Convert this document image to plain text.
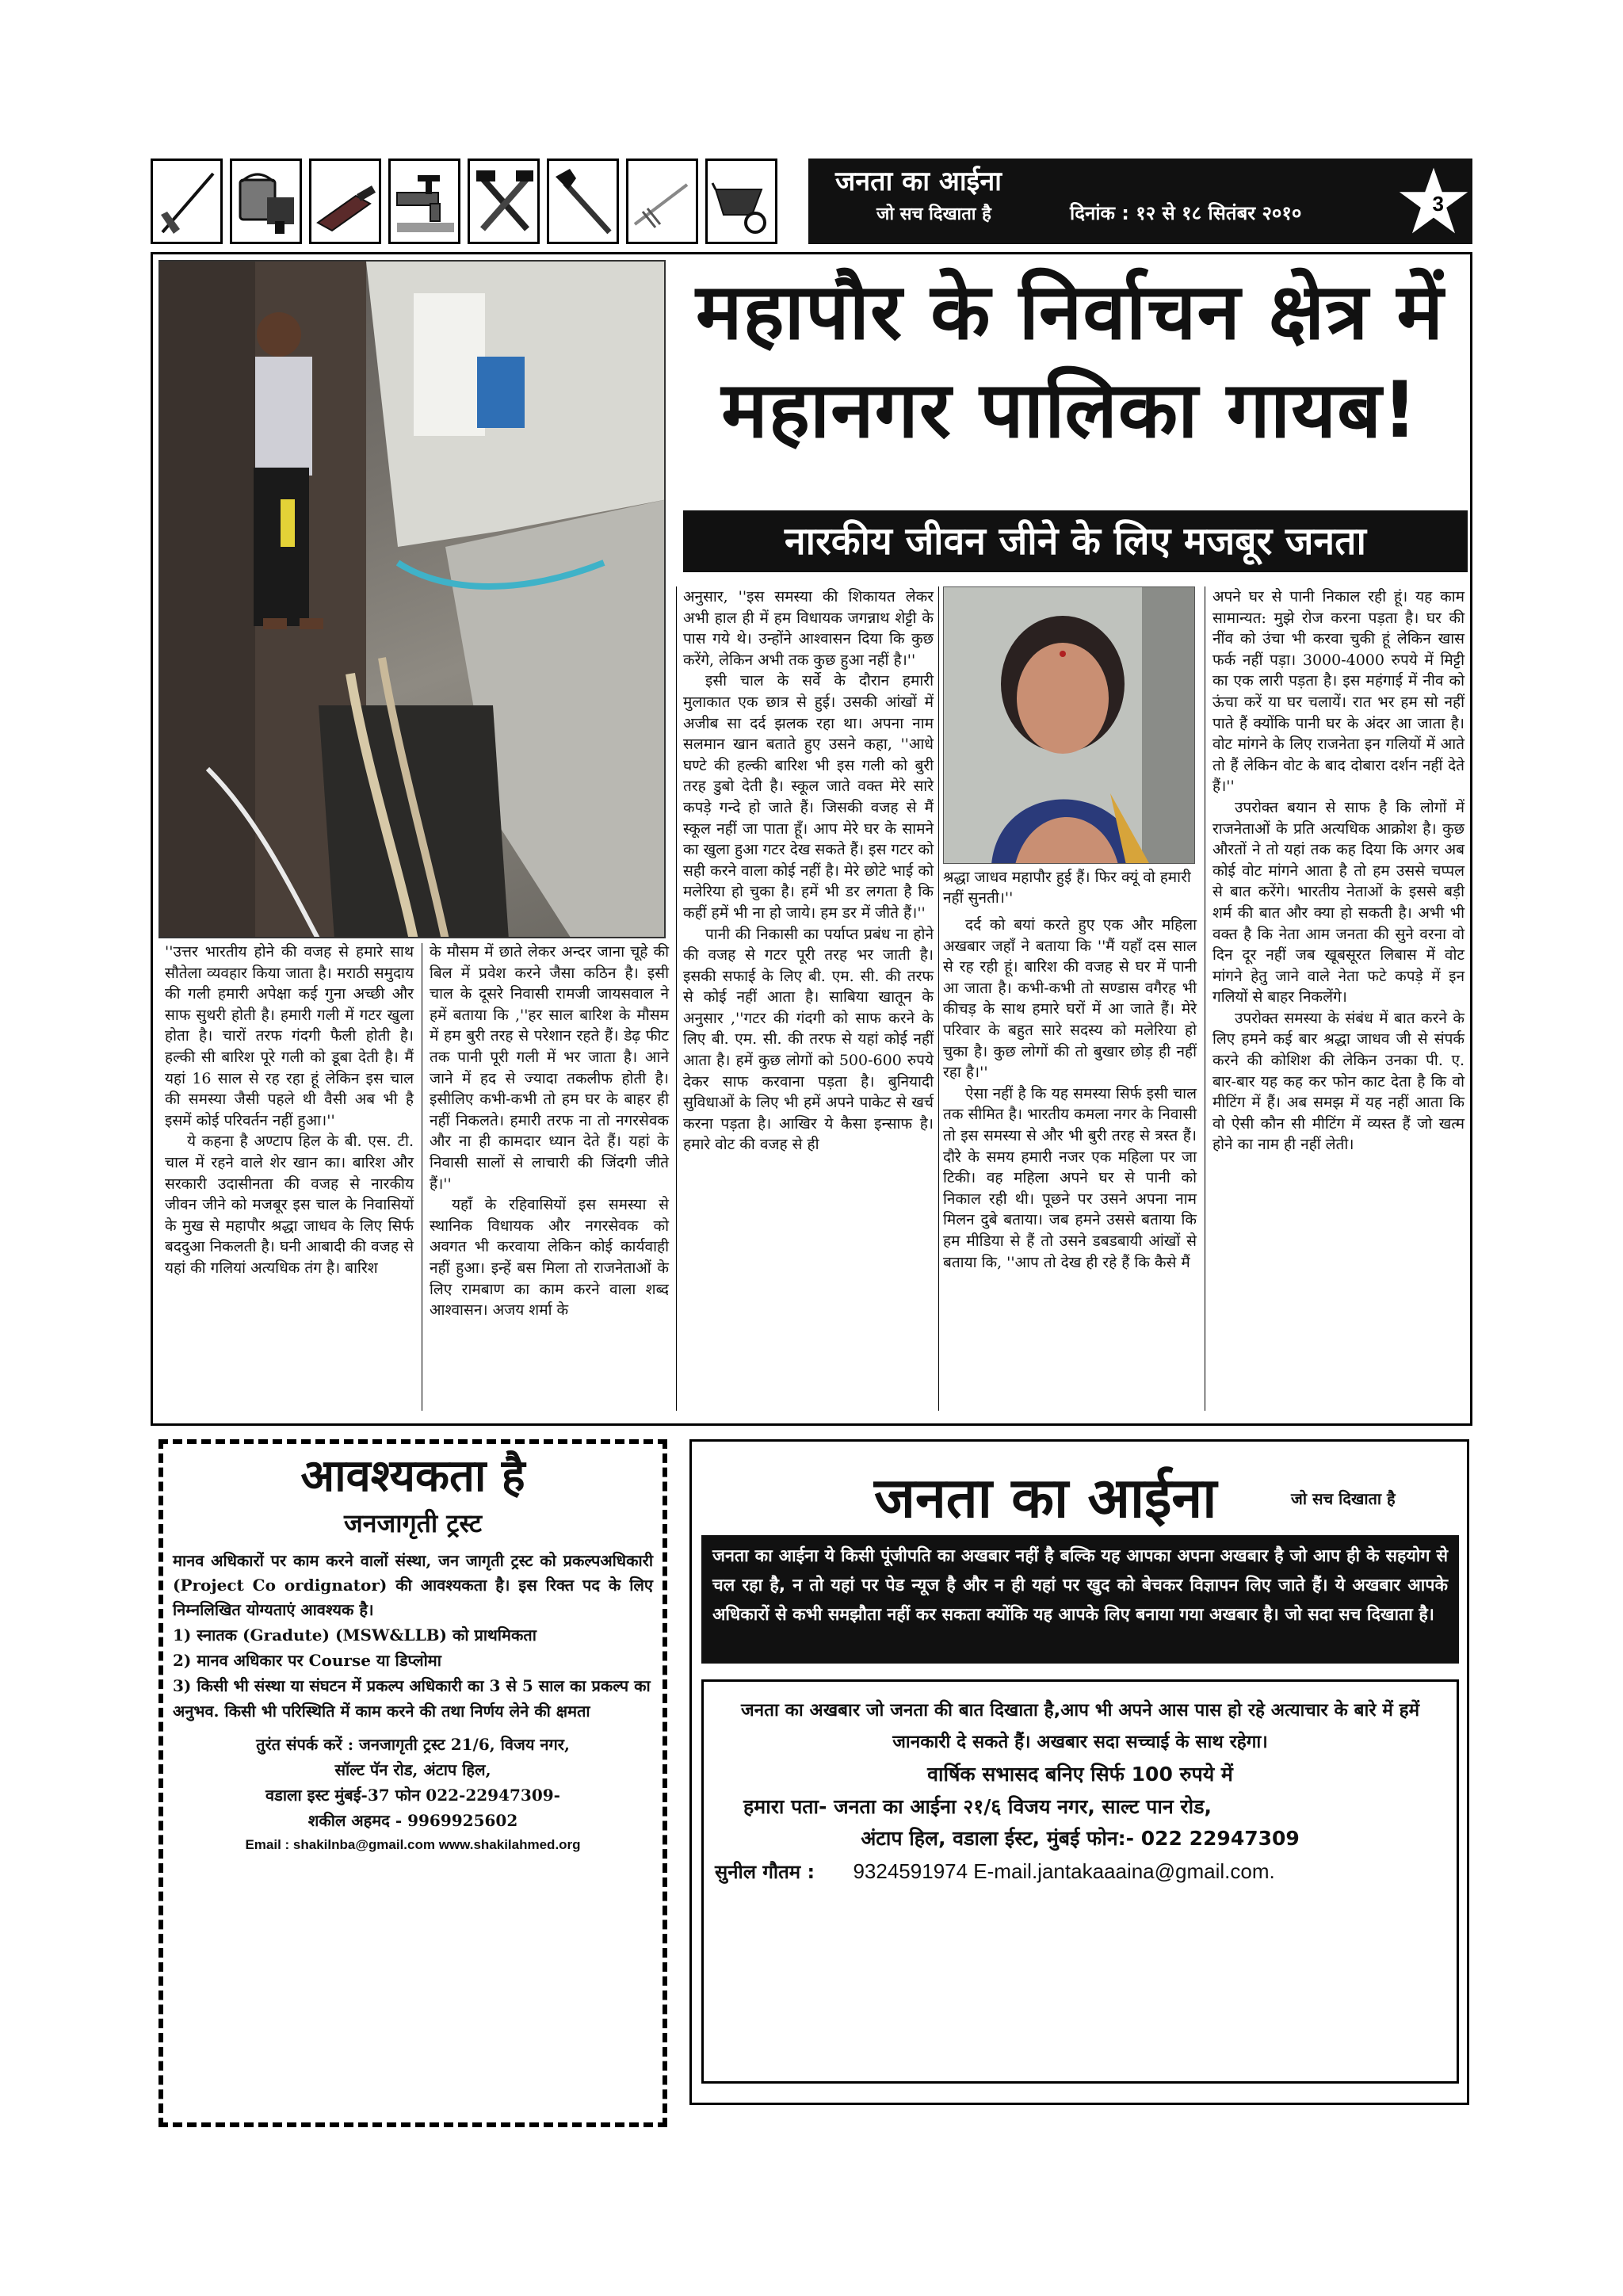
जनता का आईना
जो सच दिखाता है	दिनांक : १२ से १८ सितंबर २०१०	3
महापौर के निर्वाचन क्षेत्र में
महानगर पालिका गायब!
नारकीय जीवन जीने के लिए मजबूर जनता

''उत्तर भारतीय होने की वजह से हमारे साथ सौतेला व्यवहार किया जाता है। मराठी समुदाय की गली हमारी अपेक्षा कई गुना अच्छी और साफ सुथरी होती है। हमारी गली में गटर खुला होता है। चारों तरफ गंदगी फैली होती है। हल्की सी बारिश पूरे गली को डूबा देती है। मैं यहां 16 साल से रह रहा हूं लेकिन इस चाल की समस्या जैसी पहले थी वैसी अब भी है इसमें कोई परिवर्तन नहीं हुआ।''

ये कहना है अण्टाप हिल के बी. एस. टी. चाल में रहने वाले शेर खान का। बारिश और सरकारी उदासीनता की वजह से नारकीय जीवन जीने को मजबूर इस चाल के निवासियों के मुख से महापौर श्रद्धा जाधव के लिए सिर्फ बददुआ निकलती है। घनी आबादी की वजह से यहां की गलियां अत्यधिक तंग है। बारिश

के मौसम में छाते लेकर अन्दर जाना चूहे की बिल में प्रवेश करने जैसा कठिन है। इसी चाल के दूसरे निवासी रामजी जायसवाल ने हमें बताया कि ,''हर साल बारिश के मौसम में हम बुरी तरह से परेशान रहते हैं। डेढ़ फीट तक पानी पूरी गली में भर जाता है। आने जाने में हद से ज्यादा तकलीफ होती है। इसीलिए कभी-कभी तो हम घर के बाहर ही नहीं निकलते। हमारी तरफ ना तो नगरसेवक और ना ही कामदार ध्यान देते हैं। यहां के निवासी सालों से लाचारी की जिंदगी जीते हैं।''

यहाँ के रहिवासियों इस समस्या से स्थानिक विधायक और नगरसेवक को अवगत भी करवाया लेकिन कोई कार्यवाही नहीं हुआ। इन्हें बस मिला तो राजनेताओं के लिए रामबाण का काम करने वाला शब्द आश्वासन। अजय शर्मा के

अनुसार, ''इस समस्या की शिकायत लेकर अभी हाल ही में हम विधायक जगन्नाथ शेट्टी के पास गये थे। उन्होंने आश्वासन दिया कि कुछ करेंगे, लेकिन अभी तक कुछ हुआ नहीं है।''

इसी चाल के सर्वे के दौरान हमारी मुलाकात एक छात्र से हुई। उसकी आंखों में अजीब सा दर्द झलक रहा था। अपना नाम सलमान खान बताते हुए उसने कहा, ''आधे घण्टे की हल्की बारिश भी इस गली को बुरी तरह डुबो देती है। स्कूल जाते वक्त मेरे सारे कपड़े गन्दे हो जाते हैं। जिसकी वजह से मैं स्कूल नहीं जा पाता हूँ। आप मेरे घर के सामने का खुला हुआ गटर देख सकते हैं। इस गटर को सही करने वाला कोई नहीं है। मेरे छोटे भाई को मलेरिया हो चुका है। हमें भी डर लगता है कि कहीं हमें भी ना हो जाये। हम डर में जीते हैं।''

पानी की निकासी का पर्याप्त प्रबंध ना होने की वजह से गटर पूरी तरह भर जाती है। इसकी सफाई के लिए बी. एम. सी. की तरफ से कोई नहीं आता है। साबिया खातून के अनुसार ,''गटर की गंदगी को साफ करने के लिए बी. एम. सी. की तरफ से यहां कोई नहीं आता है। हमें कुछ लोगों को 500-600 रुपये देकर साफ करवाना पड़ता है। बुनियादी सुविधाओं के लिए भी हमें अपने पाकेट से खर्च करना पड़ता है। आखिर ये कैसा इन्साफ है। हमारे वोट की वजह से ही

श्रद्धा जाधव महापौर हुई हैं। फिर क्यूं वो हमारी नहीं सुनती।''

दर्द को बयां करते हुए एक और महिला अखबार जहाँ ने बताया कि ''मैं यहाँ दस साल से रह रही हूं। बारिश की वजह से घर में पानी आ जाता है। कभी-कभी तो सण्डास वगैरह भी कीचड़ के साथ हमारे घरों में आ जाते हैं। मेरे परिवार के बहुत सारे सदस्य को मलेरिया हो चुका है। कुछ लोगों की तो बुखार छोड़ ही नहीं रहा है।''

ऐसा नहीं है कि यह समस्या सिर्फ इसी चाल तक सीमित है। भारतीय कमला नगर के निवासी तो इस समस्या से और भी बुरी तरह से त्रस्त हैं। दौरे के समय हमारी नजर एक महिला पर जा टिकी। वह महिला अपने घर से पानी को निकाल रही थी। पूछने पर उसने अपना नाम मिलन दुबे बताया। जब हमने उससे बताया कि हम मीडिया से हैं तो उसने डबडबायी आंखों से बताया कि, ''आप तो देख ही रहे हैं कि कैसे मैं

अपने घर से पानी निकाल रही हूं। यह काम सामान्यत: मुझे रोज करना पड़ता है। घर की नींव को उंचा भी करवा चुकी हूं लेकिन खास फर्क नहीं पड़ा। 3000-4000 रुपये में मिट्टी का एक लारी पड़ता है। इस महंगाई में नीव को ऊंचा करें या घर चलायें। रात भर हम सो नहीं पाते हैं क्योंकि पानी घर के अंदर आ जाता है। वोट मांगने के लिए राजनेता इन गलियों में आते तो हैं लेकिन वोट के बाद दोबारा दर्शन नहीं देते हैं।''

उपरोक्त बयान से साफ है कि लोगों में राजनेताओं के प्रति अत्यधिक आक्रोश है। कुछ औरतों ने तो यहां तक कह दिया कि अगर अब कोई वोट मांगने आता है तो हम उससे चप्पल से बात करेंगे। भारतीय नेताओं के इससे बड़ी शर्म की बात और क्या हो सकती है। अभी भी वक्त है कि नेता आम जनता की सुने वरना वो दिन दूर नहीं जब खूबसूरत लिबास में वोट मांगने हेतु जाने वाले नेता फटे कपड़े में इन गलियों से बाहर निकलेंगे।

उपरोक्त समस्या के संबंध में बात करने के लिए हमने कई बार श्रद्धा जाधव जी से संपर्क करने की कोशिश की लेकिन उनका पी. ए. बार-बार यह कह कर फोन काट देता है कि वो मीटिंग में हैं। अब समझ में यह नहीं आता कि वो ऐसी कौन सी मीटिंग में व्यस्त हैं जो खत्म होने का नाम ही नहीं लेती।

आवश्यकता है
जनजागृती ट्रस्ट
मानव अधिकारों पर काम करने वालों संस्था, जन जागृती ट्रस्ट को प्रकल्पअधिकारी (Project Co ordignator) की आवश्यकता है। इस रिक्त पद के लिए निम्नलिखित योग्यताएं आवश्यक है।
1) स्नातक (Gradute) (MSW&LLB) को प्राथमिकता
2) मानव अधिकार पर Course या डिप्लोमा
3) किसी भी संस्था या संघटन में प्रकल्प अधिकारी का 3 से 5 साल का प्रकल्प का अनुभव. किसी भी परिस्थिति में काम करने की तथा निर्णय लेने की क्षमता
तुरंत संपर्क करें : जनजागृती ट्रस्ट 21/6, विजय नगर,
सॉल्ट पॅन रोड, अंटाप हिल,
वडाला इस्ट मुंबई-37 फोन 022-22947309-
शकील अहमद - 9969925602
Email : shakilnba@gmail.com www.shakilahmed.org
जनता का आईना	जो सच दिखाता है
जनता का आईना ये किसी पूंजीपति का अखबार नहीं है बल्कि यह आपका अपना अखबार है जो आप ही के सहयोग से चल रहा है, न तो यहां पर पेड न्यूज है और न ही यहां पर खुद को बेचकर विज्ञापन लिए जाते हैं। ये अखबार आपके अधिकारों से कभी समझौता नहीं कर सकता क्योंकि यह आपके लिए बनाया गया अखबार है। जो सदा सच दिखाता है।
जनता का अखबार जो जनता की बात दिखाता है,आप भी अपने आस पास हो रहे अत्याचार के बारे में हमें जानकारी दे सकते हैं। अखबार सदा सच्चाई के साथ रहेगा।
वार्षिक सभासद बनिए सिर्फ 100 रुपये में
हमारा पता- जनता का आईना २१/६ विजय नगर, साल्ट पान रोड,
अंटाप हिल, वडाला ईस्ट, मुंबई फोन:- 022 22947309
सुनील गौतम : 9324591974 E-mail.jantakaaaina@gmail.com.
